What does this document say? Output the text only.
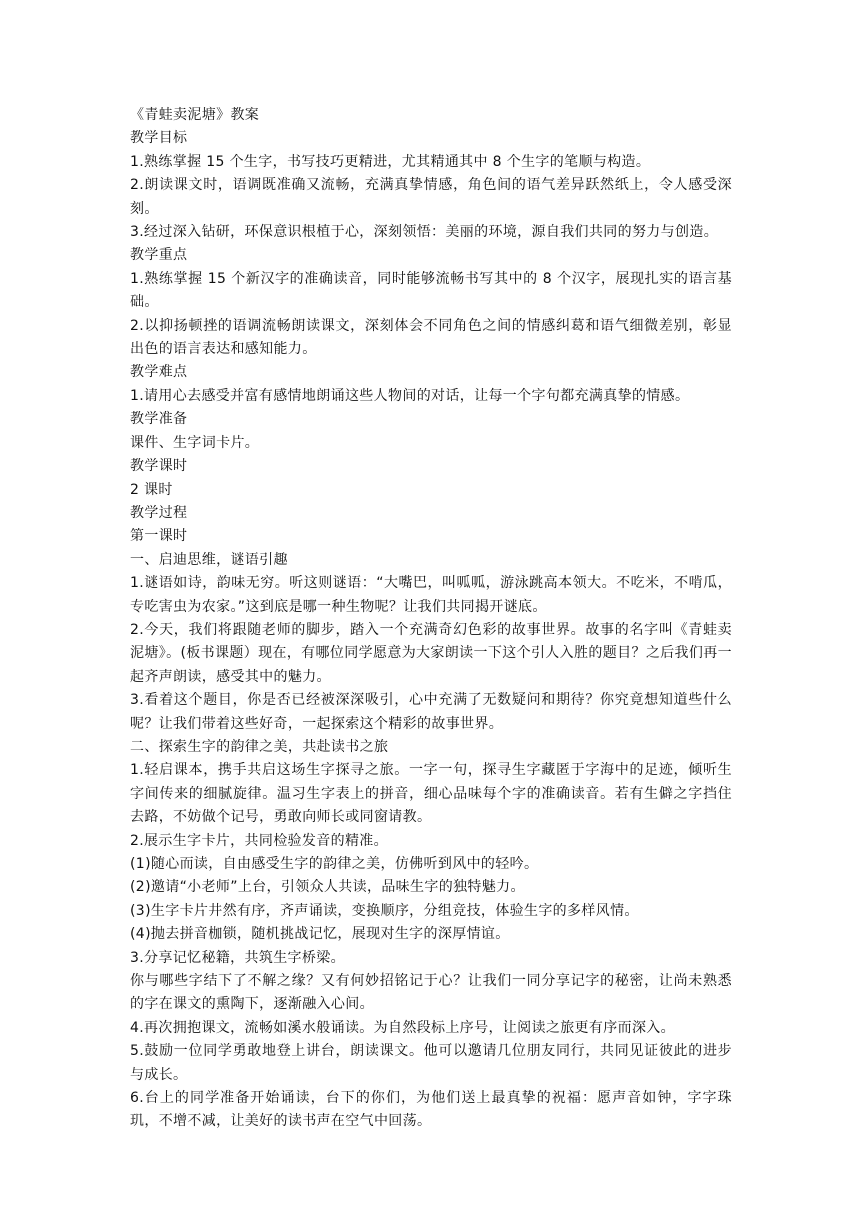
《青蛙卖泥塘》教案

教学目标

1.熟练掌握 15 个生字，书写技巧更精进，尤其精通其中 8 个生字的笔顺与构造。

2.朗读课文时，语调既准确又流畅，充满真挚情感，角色间的语气差异跃然纸上，令人感受深刻。

3.经过深入钻研，环保意识根植于心，深刻领悟：美丽的环境，源自我们共同的努力与创造。

教学重点

1.熟练掌握 15 个新汉字的准确读音，同时能够流畅书写其中的 8 个汉字，展现扎实的语言基础。

2.以抑扬顿挫的语调流畅朗读课文，深刻体会不同角色之间的情感纠葛和语气细微差别，彰显出色的语言表达和感知能力。

教学难点

1.请用心去感受并富有感情地朗诵这些人物间的对话，让每一个字句都充满真挚的情感。

教学准备

课件、生字词卡片。

教学课时

2 课时

教学过程

第一课时

一、启迪思维，谜语引趣

1.谜语如诗，韵味无穷。听这则谜语：“大嘴巴，叫呱呱，游泳跳高本领大。不吃米，不啃瓜，专吃害虫为农家。”这到底是哪一种生物呢？让我们共同揭开谜底。

2.今天，我们将跟随老师的脚步，踏入一个充满奇幻色彩的故事世界。故事的名字叫《青蛙卖泥塘》。(板书课题）现在，有哪位同学愿意为大家朗读一下这个引人入胜的题目？之后我们再一起齐声朗读，感受其中的魅力。

3.看着这个题目，你是否已经被深深吸引，心中充满了无数疑问和期待？你究竟想知道些什么呢？让我们带着这些好奇，一起探索这个精彩的故事世界。

二、探索生字的韵律之美，共赴读书之旅

1.轻启课本，携手共启这场生字探寻之旅。一字一句，探寻生字藏匿于字海中的足迹，倾听生字间传来的细腻旋律。温习生字表上的拼音，细心品味每个字的准确读音。若有生僻之字挡住去路，不妨做个记号，勇敢向师长或同窗请教。

2.展示生字卡片，共同检验发音的精准。

(1)随心而读，自由感受生字的韵律之美，仿佛听到风中的轻吟。

(2)邀请“小老师”上台，引领众人共读，品味生字的独特魅力。

(3)生字卡片井然有序，齐声诵读，变换顺序，分组竞技，体验生字的多样风情。

(4)抛去拼音枷锁，随机挑战记忆，展现对生字的深厚情谊。

3.分享记忆秘籍，共筑生字桥梁。

你与哪些字结下了不解之缘？又有何妙招铭记于心？让我们一同分享记字的秘密，让尚未熟悉的字在课文的熏陶下，逐渐融入心间。

4.再次拥抱课文，流畅如溪水般诵读。为自然段标上序号，让阅读之旅更有序而深入。

5.鼓励一位同学勇敢地登上讲台，朗读课文。他可以邀请几位朋友同行，共同见证彼此的进步与成长。

6.台上的同学准备开始诵读，台下的你们，为他们送上最真挚的祝福：愿声音如钟，字字珠玑，不增不减，让美好的读书声在空气中回荡。
